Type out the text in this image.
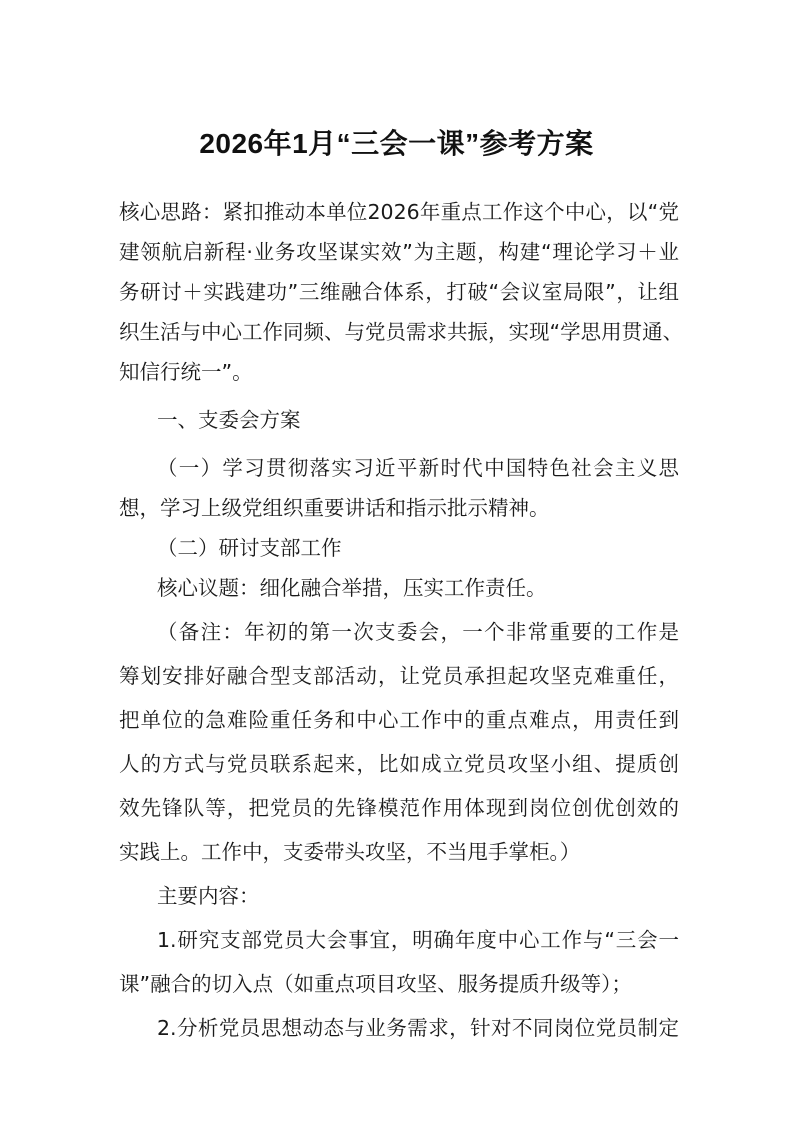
2026年1月“三会一课”参考方案
核心思路：紧扣推动本单位2026年重点工作这个中心，以“党
建领航启新程·业务攻坚谋实效”为主题，构建“理论学习＋业
务研讨＋实践建功”三维融合体系，打破“会议室局限”，让组
织生活与中心工作同频、与党员需求共振，实现“学思用贯通、
知信行统一”。
一、支委会方案
（一）学习贯彻落实习近平新时代中国特色社会主义思
想，学习上级党组织重要讲话和指示批示精神。
（二）研讨支部工作
核心议题：细化融合举措，压实工作责任。
（备注：年初的第一次支委会，一个非常重要的工作是
筹划安排好融合型支部活动，让党员承担起攻坚克难重任，
把单位的急难险重任务和中心工作中的重点难点，用责任到
人的方式与党员联系起来，比如成立党员攻坚小组、提质创
效先锋队等，把党员的先锋模范作用体现到岗位创优创效的
实践上。工作中，支委带头攻坚，不当甩手掌柜。）
主要内容：
1.研究支部党员大会事宜，明确年度中心工作与“三会一
课”融合的切入点（如重点项目攻坚、服务提质升级等）；
2.分析党员思想动态与业务需求，针对不同岗位党员制定
